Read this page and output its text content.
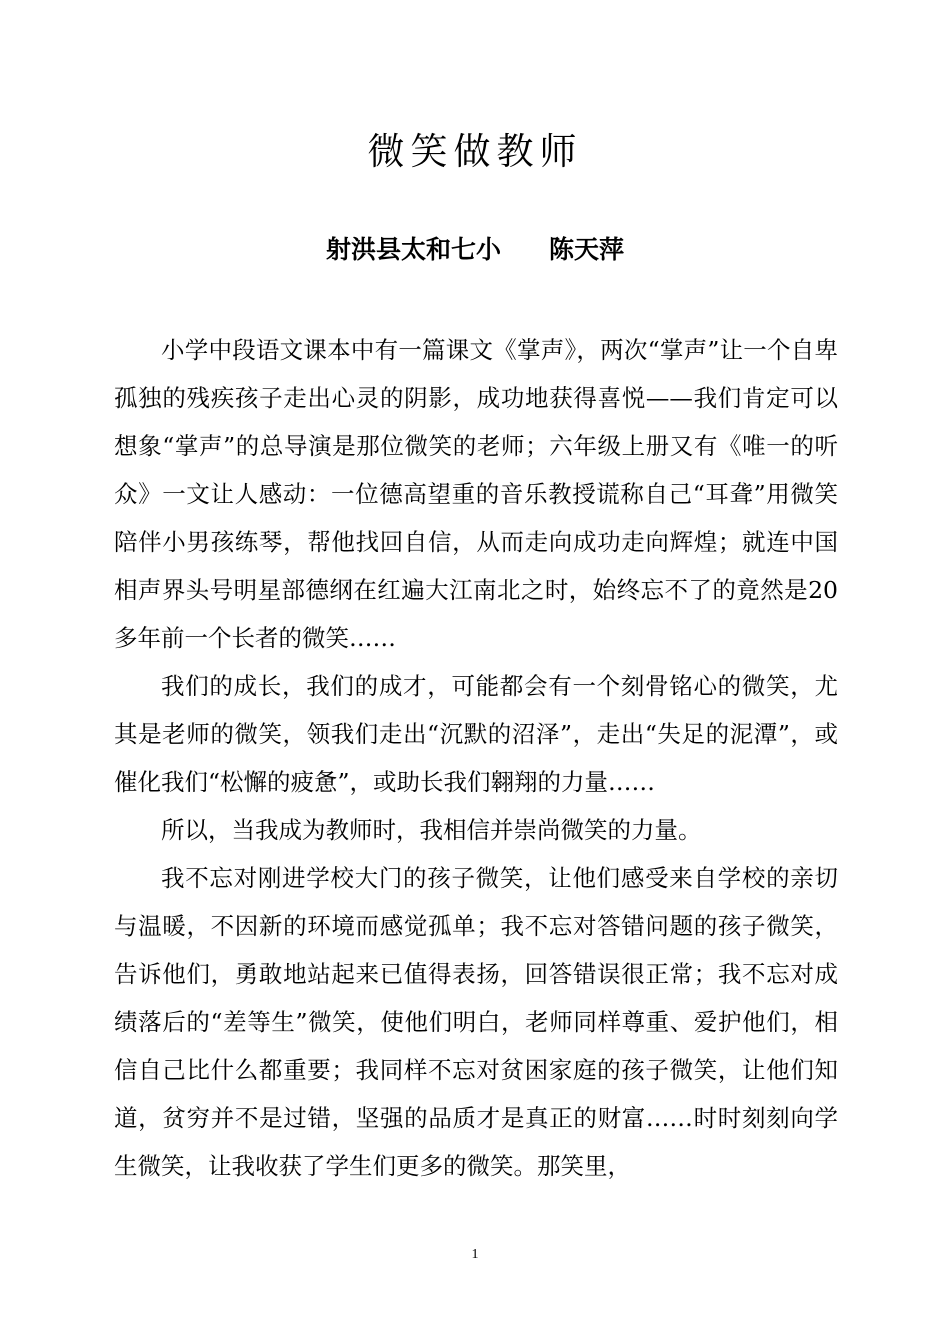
微笑做教师
射洪县太和七小 陈天萍

小学中段语文课本中有一篇课文《掌声》，两次“掌声”让一个自卑孤独的残疾孩子走出心灵的阴影，成功地获得喜悦——我们肯定可以想象“掌声”的总导演是那位微笑的老师；六年级上册又有《唯一的听众》一文让人感动：一位德高望重的音乐教授谎称自己“耳聋”用微笑陪伴小男孩练琴，帮他找回自信，从而走向成功走向辉煌；就连中国相声界头号明星部德纲在红遍大江南北之时，始终忘不了的竟然是20多年前一个长者的微笑……

我们的成长，我们的成才，可能都会有一个刻骨铭心的微笑，尤其是老师的微笑，领我们走出“沉默的沼泽”，走出“失足的泥潭”，或催化我们“松懈的疲惫”，或助长我们翱翔的力量……

所以，当我成为教师时，我相信并崇尚微笑的力量。

我不忘对刚进学校大门的孩子微笑，让他们感受来自学校的亲切与温暖，不因新的环境而感觉孤单；我不忘对答错问题的孩子微笑，告诉他们，勇敢地站起来已值得表扬，回答错误很正常；我不忘对成绩落后的“差等生”微笑，使他们明白，老师同样尊重、爱护他们，相信自己比什么都重要；我同样不忘对贫困家庭的孩子微笑，让他们知道，贫穷并不是过错，坚强的品质才是真正的财富……时时刻刻向学生微笑，让我收获了学生们更多的微笑。那笑里，

1
